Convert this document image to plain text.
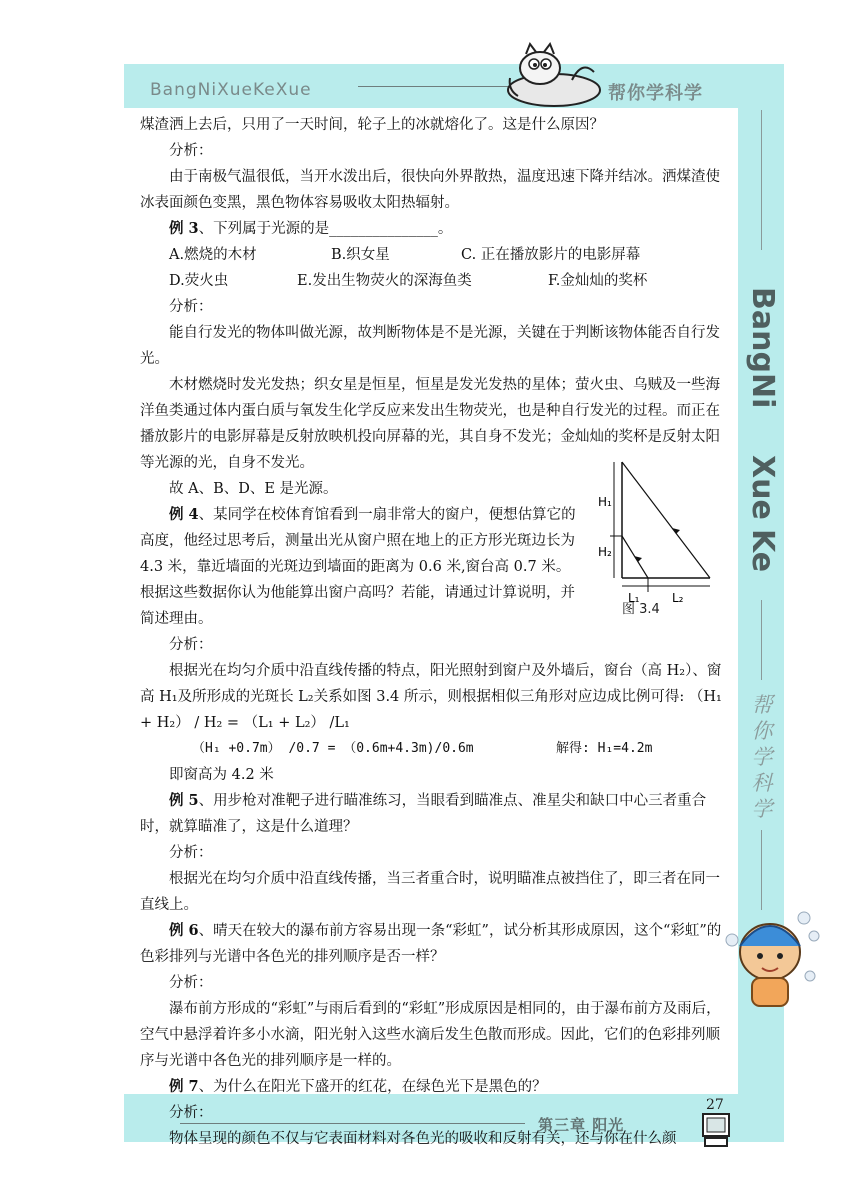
BangNiXueKeXue	帮你学科学
Bang
Ni
Xue
Ke
帮
你
学
科
学
第三章 阳光
27

煤渣洒上去后，只用了一天时间，轮子上的冰就熔化了。这是什么原因？

分析：

由于南极气温很低，当开水泼出后，很快向外界散热，温度迅速下降并结冰。洒煤渣使冰表面颜色变黑，黑色物体容易吸收太阳热辐射。

例 3、下列属于光源的是_______________。

A.燃烧的木材	B.织女星	C. 正在播放影片的电影屏幕

D.荧火虫	E.发出生物荧火的深海鱼类	F.金灿灿的奖杯

分析：

能自行发光的物体叫做光源，故判断物体是不是光源，关键在于判断该物体能否自行发光。

木材燃烧时发光发热；织女星是恒星，恒星是发光发热的星体；萤火虫、乌贼及一些海洋鱼类通过体内蛋白质与氧发生化学反应来发出生物荧光，也是种自行发光的过程。而正在播放影片的电影屏幕是反射放映机投向屏幕的光，其自身不发光；金灿灿的奖杯是反射太阳等光源的光，自身不发光。

故 A、B、D、E 是光源。

例 4、某同学在校体育馆看到一扇非常大的窗户，便想估算它的高度，他经过思考后，测量出光从窗户照在地上的正方形光斑边长为 4.3 米，靠近墙面的光斑边到墙面的距离为 0.6 米,窗台高 0.7 米。根据这些数据你认为他能算出窗户高吗？若能，请通过计算说明，并简述理由。

分析：

根据光在均匀介质中沿直线传播的特点，阳光照射到窗户及外墙后，窗台（高 H₂）、窗高 H₁及所形成的光斑长 L₂关系如图 3.4 所示，则根据相似三角形对应边成比例可得: （H₁ + H₂） / H₂ = （L₁ + L₂） /L₁

（H₁ +0.7m） /0.7 = （0.6m+4.3m)/0.6m	解得: H₁=4.2m

即窗高为 4.2 米

例 5、用步枪对准靶子进行瞄准练习，当眼看到瞄准点、准星尖和缺口中心三者重合时，就算瞄准了，这是什么道理？

分析：

根据光在均匀介质中沿直线传播，当三者重合时，说明瞄准点被挡住了，即三者在同一直线上。

例 6、晴天在较大的瀑布前方容易出现一条“彩虹”，试分析其形成原因，这个“彩虹”的色彩排列与光谱中各色光的排列顺序是否一样？

分析：

瀑布前方形成的“彩虹”与雨后看到的“彩虹”形成原因是相同的，由于瀑布前方及雨后，空气中悬浮着许多小水滴，阳光射入这些水滴后发生色散而形成。因此，它们的色彩排列顺序与光谱中各色光的排列顺序是一样的。

例 7、为什么在阳光下盛开的红花，在绿色光下是黑色的？

分析：

物体呈现的颜色不仅与它表面材料对各色光的吸收和反射有关，还与你在什么颜

H₁
H₂
L₁	L₂
图 3.4
